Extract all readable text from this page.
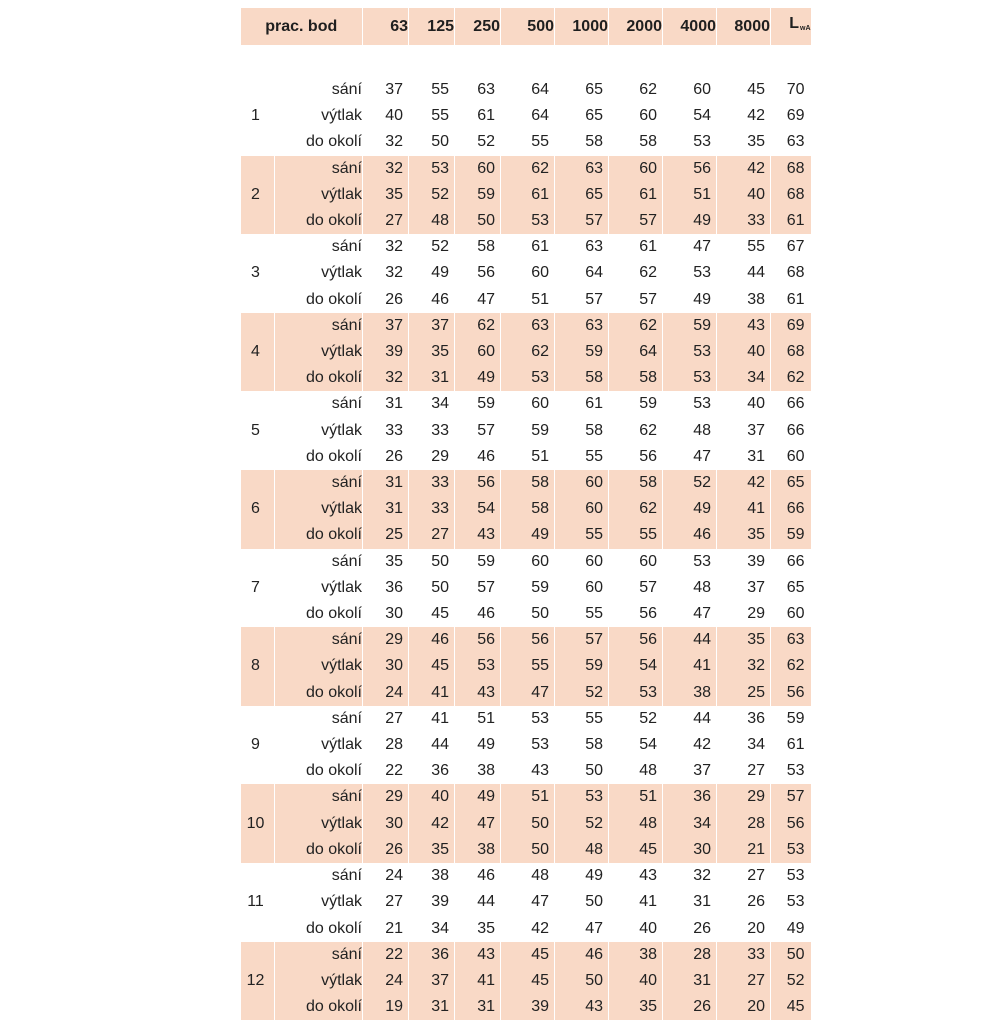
prac. bod		63	125	250	500	1000	2000	4000	8000	LwA

1	sání	37	55	63	64	65	62	60	45	70
	výtlak	40	55	61	64	65	60	54	42	69
	do okolí	32	50	52	55	58	58	53	35	63
2	sání	32	53	60	62	63	60	56	42	68
	výtlak	35	52	59	61	65	61	51	40	68
	do okolí	27	48	50	53	57	57	49	33	61
3	sání	32	52	58	61	63	61	47	55	67
	výtlak	32	49	56	60	64	62	53	44	68
	do okolí	26	46	47	51	57	57	49	38	61
4	sání	37	37	62	63	63	62	59	43	69
	výtlak	39	35	60	62	59	64	53	40	68
	do okolí	32	31	49	53	58	58	53	34	62
5	sání	31	34	59	60	61	59	53	40	66
	výtlak	33	33	57	59	58	62	48	37	66
	do okolí	26	29	46	51	55	56	47	31	60
6	sání	31	33	56	58	60	58	52	42	65
	výtlak	31	33	54	58	60	62	49	41	66
	do okolí	25	27	43	49	55	55	46	35	59
7	sání	35	50	59	60	60	60	53	39	66
	výtlak	36	50	57	59	60	57	48	37	65
	do okolí	30	45	46	50	55	56	47	29	60
8	sání	29	46	56	56	57	56	44	35	63
	výtlak	30	45	53	55	59	54	41	32	62
	do okolí	24	41	43	47	52	53	38	25	56
9	sání	27	41	51	53	55	52	44	36	59
	výtlak	28	44	49	53	58	54	42	34	61
	do okolí	22	36	38	43	50	48	37	27	53
10	sání	29	40	49	51	53	51	36	29	57
	výtlak	30	42	47	50	52	48	34	28	56
	do okolí	26	35	38	50	48	45	30	21	53
11	sání	24	38	46	48	49	43	32	27	53
	výtlak	27	39	44	47	50	41	31	26	53
	do okolí	21	34	35	42	47	40	26	20	49
12	sání	22	36	43	45	46	38	28	33	50
	výtlak	24	37	41	45	50	40	31	27	52
	do okolí	19	31	31	39	43	35	26	20	45
